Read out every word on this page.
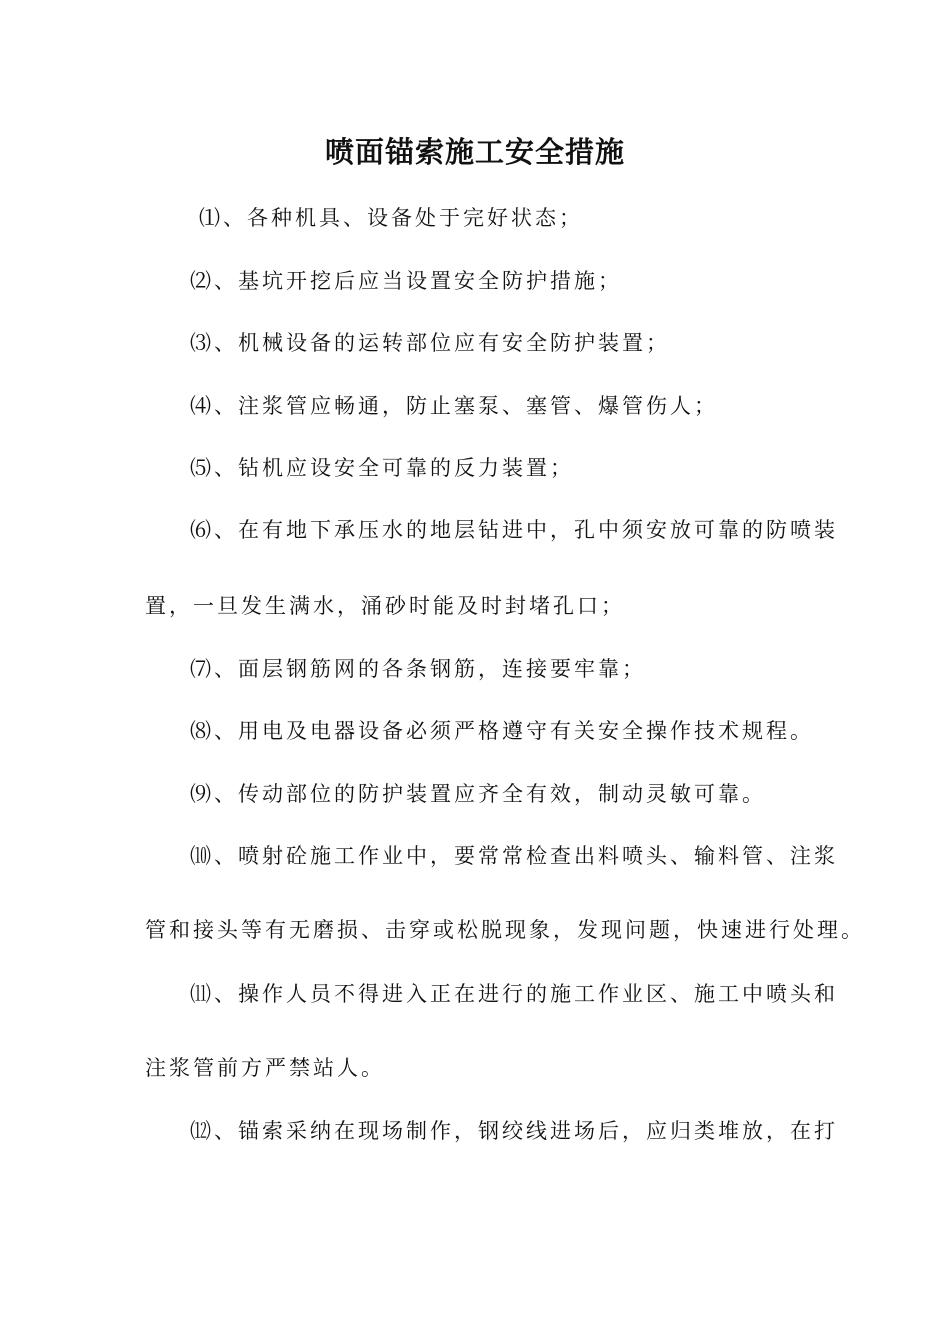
喷面锚索施工安全措施
⑴、各种机具、设备处于完好状态；
⑵、基坑开挖后应当设置安全防护措施；
⑶、机械设备的运转部位应有安全防护装置；
⑷、注浆管应畅通，防止塞泵、塞管、爆管伤人；
⑸、钻机应设安全可靠的反力装置；
⑹、在有地下承压水的地层钻进中，孔中须安放可靠的防喷装
置，一旦发生满水，涌砂时能及时封堵孔口；
⑺、面层钢筋网的各条钢筋，连接要牢靠；
⑻、用电及电器设备必须严格遵守有关安全操作技术规程。
⑼、传动部位的防护装置应齐全有效，制动灵敏可靠。
⑽、喷射砼施工作业中，要常常检查出料喷头、输料管、注浆
管和接头等有无磨损、击穿或松脱现象，发现问题，快速进行处理。
⑾、操作人员不得进入正在进行的施工作业区、施工中喷头和
注浆管前方严禁站人。
⑿、锚索采纳在现场制作，钢绞线进场后，应归类堆放，在打
